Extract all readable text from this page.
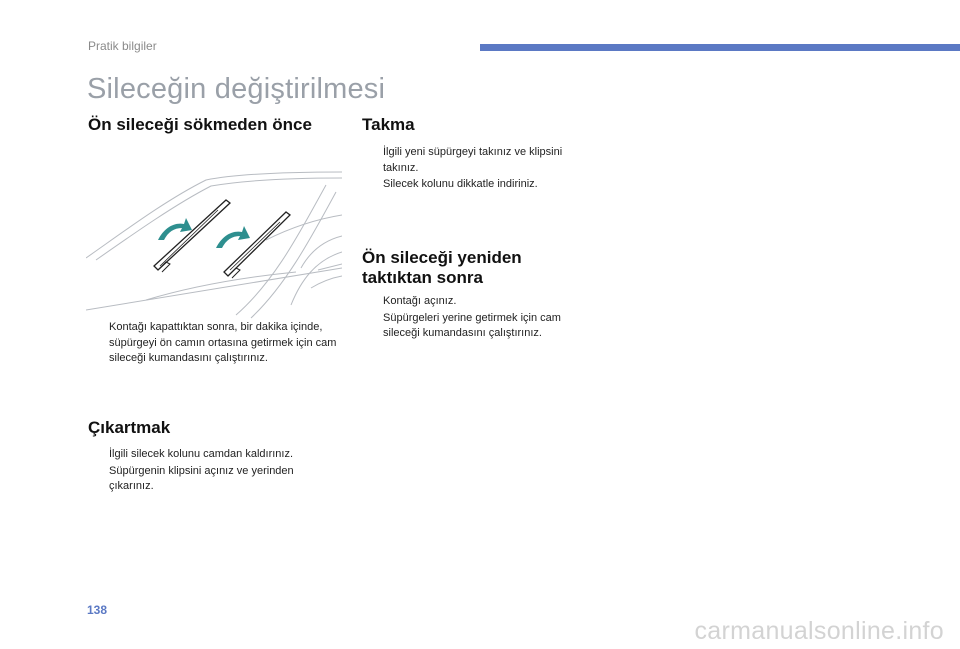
Pratik bilgiler
Sileceğin değiştirilmesi
Ön sileceği sökmeden önce
Kontağı kapattıktan sonra, bir dakika içinde, süpürgeyi ön camın ortasına getirmek için cam sileceği kumandasını çalıştırınız.
Çıkartmak
İlgili silecek kolunu camdan kaldırınız.
Süpürgenin klipsini açınız ve yerinden çıkarınız.
Takma
İlgili yeni süpürgeyi takınız ve klipsini takınız.
Silecek kolunu dikkatle indiriniz.
Ön sileceği yeniden taktıktan sonra
Kontağı açınız.
Süpürgeleri yerine getirmek için cam sileceği kumandasını çalıştırınız.
138
carmanualsonline.info
